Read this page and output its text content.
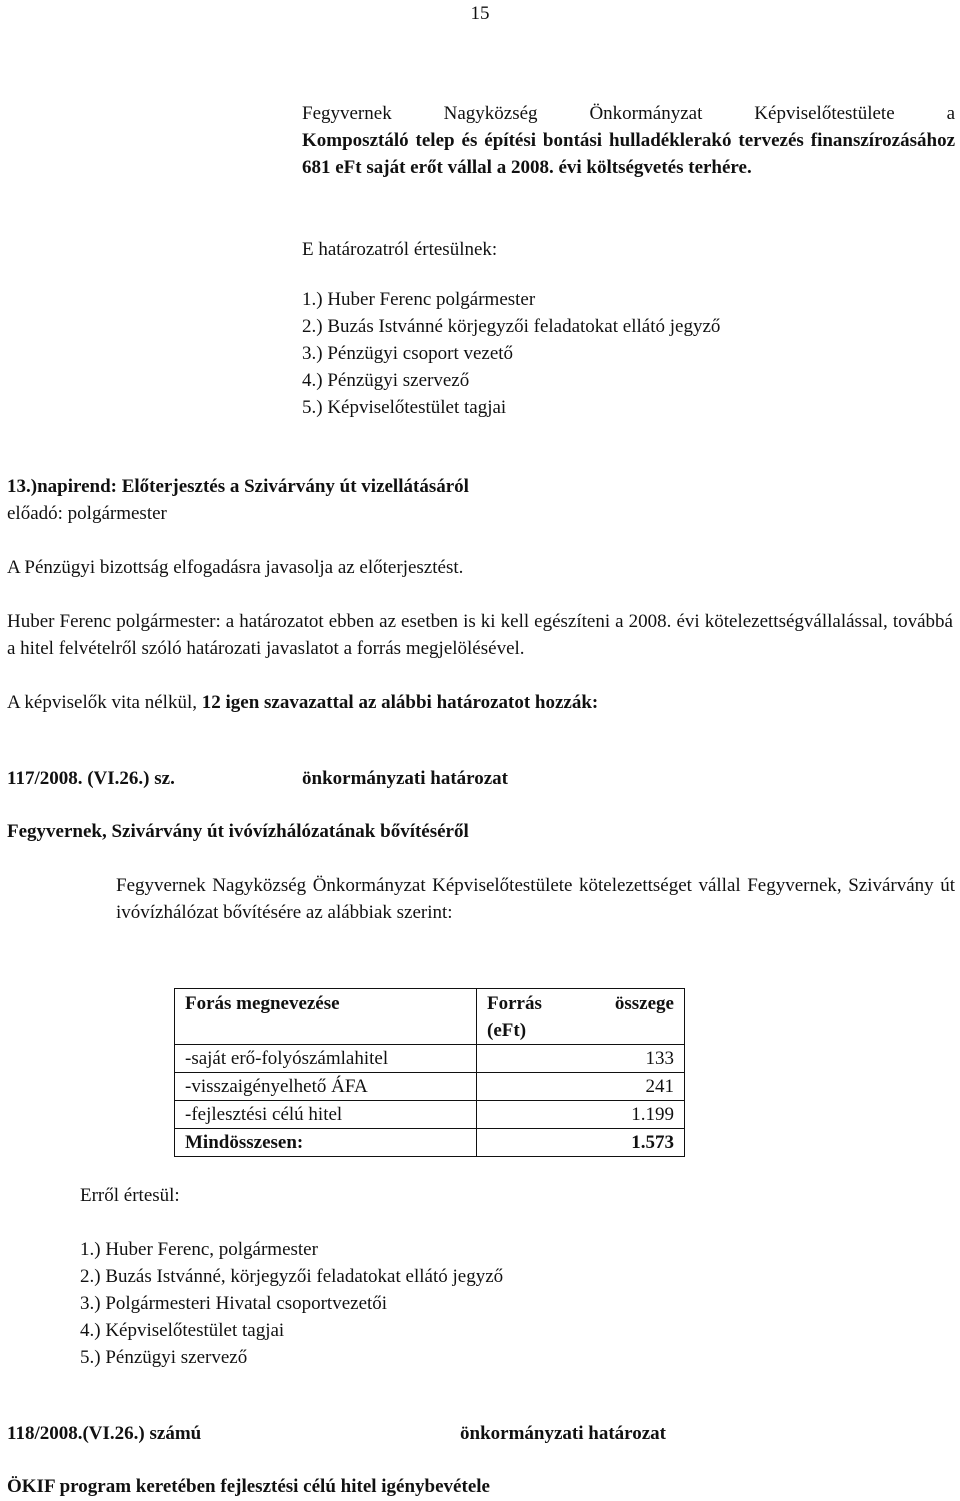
15
Fegyvernek Nagyközség Önkormányzat Képviselőtestülete a
Komposztáló telep és építési bontási hulladéklerakó tervezés finanszírozásához 681 eFt saját erőt vállal a 2008. évi költségvetés terhére.
E határozatról értesülnek:
1.) Huber Ferenc polgármester
2.) Buzás Istvánné körjegyzői feladatokat ellátó jegyző
3.) Pénzügyi csoport vezető
4.) Pénzügyi szervező
5.) Képviselőtestület tagjai
13.)napirend: Előterjesztés a Szivárvány út vizellátásáról
előadó: polgármester
A Pénzügyi bizottság elfogadásra javasolja az előterjesztést.
Huber Ferenc polgármester: a határozatot ebben az esetben is ki kell egészíteni a 2008. évi kötelezettségvállalással, továbbá a hitel felvételről szóló határozati javaslatot a forrás megjelölésével.
A képviselők vita nélkül, 12 igen szavazattal az alábbi határozatot hozzák:
117/2008. (VI.26.) sz.	önkormányzati határozat
Fegyvernek, Szivárvány út ivóvízhálózatának bővítéséről
Fegyvernek Nagyközség Önkormányzat Képviselőtestülete kötelezettséget vállal Fegyvernek, Szivárvány út ivóvízhálózat bővítésére az alábbiak szerint:
Forás megnevezése	Forrás összege
(eFt)

-saját erő-folyószámlahitel	133
-visszaigényelhető ÁFA	241
-fejlesztési célú hitel	1.199
Mindösszesen:	1.573
Erről értesül:
1.) Huber Ferenc, polgármester
2.) Buzás Istvánné, körjegyzői feladatokat ellátó jegyző
3.) Polgármesteri Hivatal csoportvezetői
4.) Képviselőtestület tagjai
5.) Pénzügyi szervező
118/2008.(VI.26.) számú	önkormányzati határozat
ÖKIF program keretében fejlesztési célú hitel igénybevétele
